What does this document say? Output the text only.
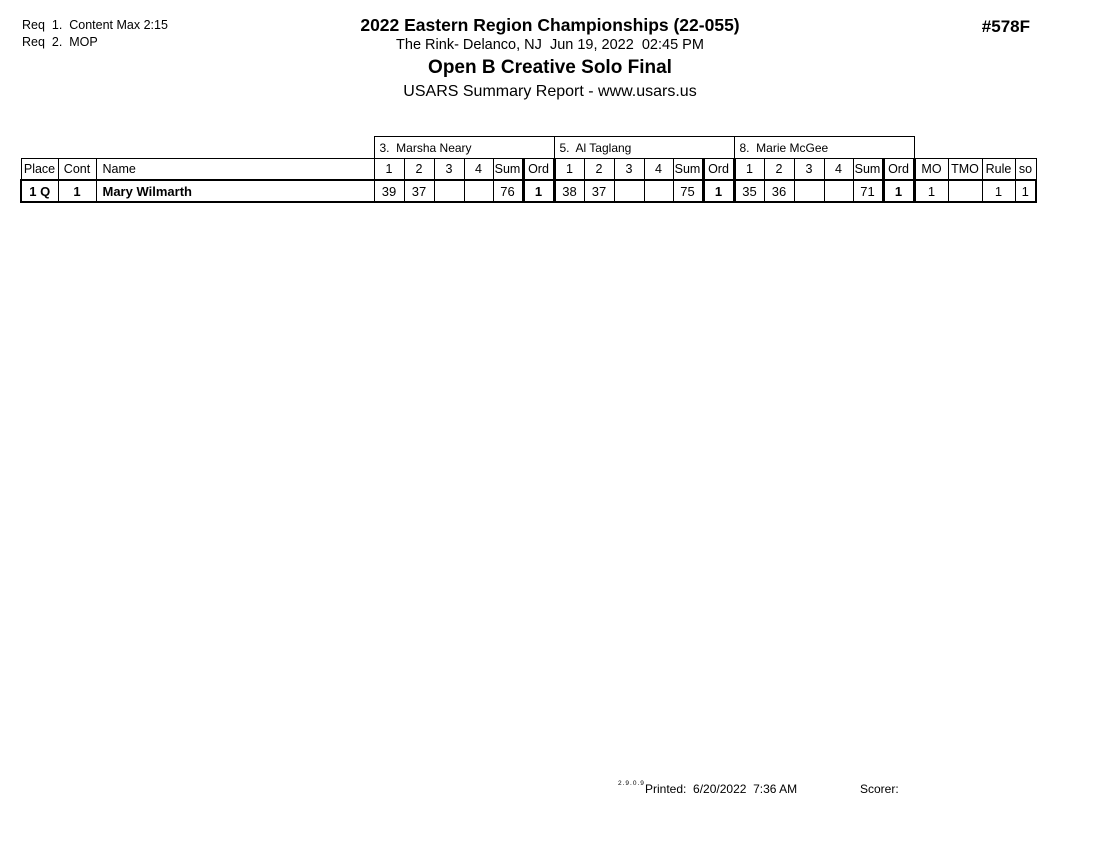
Req  1.  Content Max 2:15
Req  2.  MOP
2022 Eastern Region Championships (22-055)
The Rink- Delanco, NJ  Jun 19, 2022  02:45 PM
Open B Creative Solo Final
USARS Summary Report - www.usars.us
#578F
			3.  Marsha Neary						5.  Al Taglang						8.  Marie McGee									
Place	Cont	Name	1	2	3	4	Sum	Ord	1	2	3	4	Sum	Ord	1	2	3	4	Sum	Ord	MO	TMO	Rule	so
1 Q	1	Mary Wilmarth	39	37			76	1	38	37			75	1	35	36			71	1	1		1	1
2.9.0.9 Printed: 6/20/2022  7:36 AM	Scorer:
